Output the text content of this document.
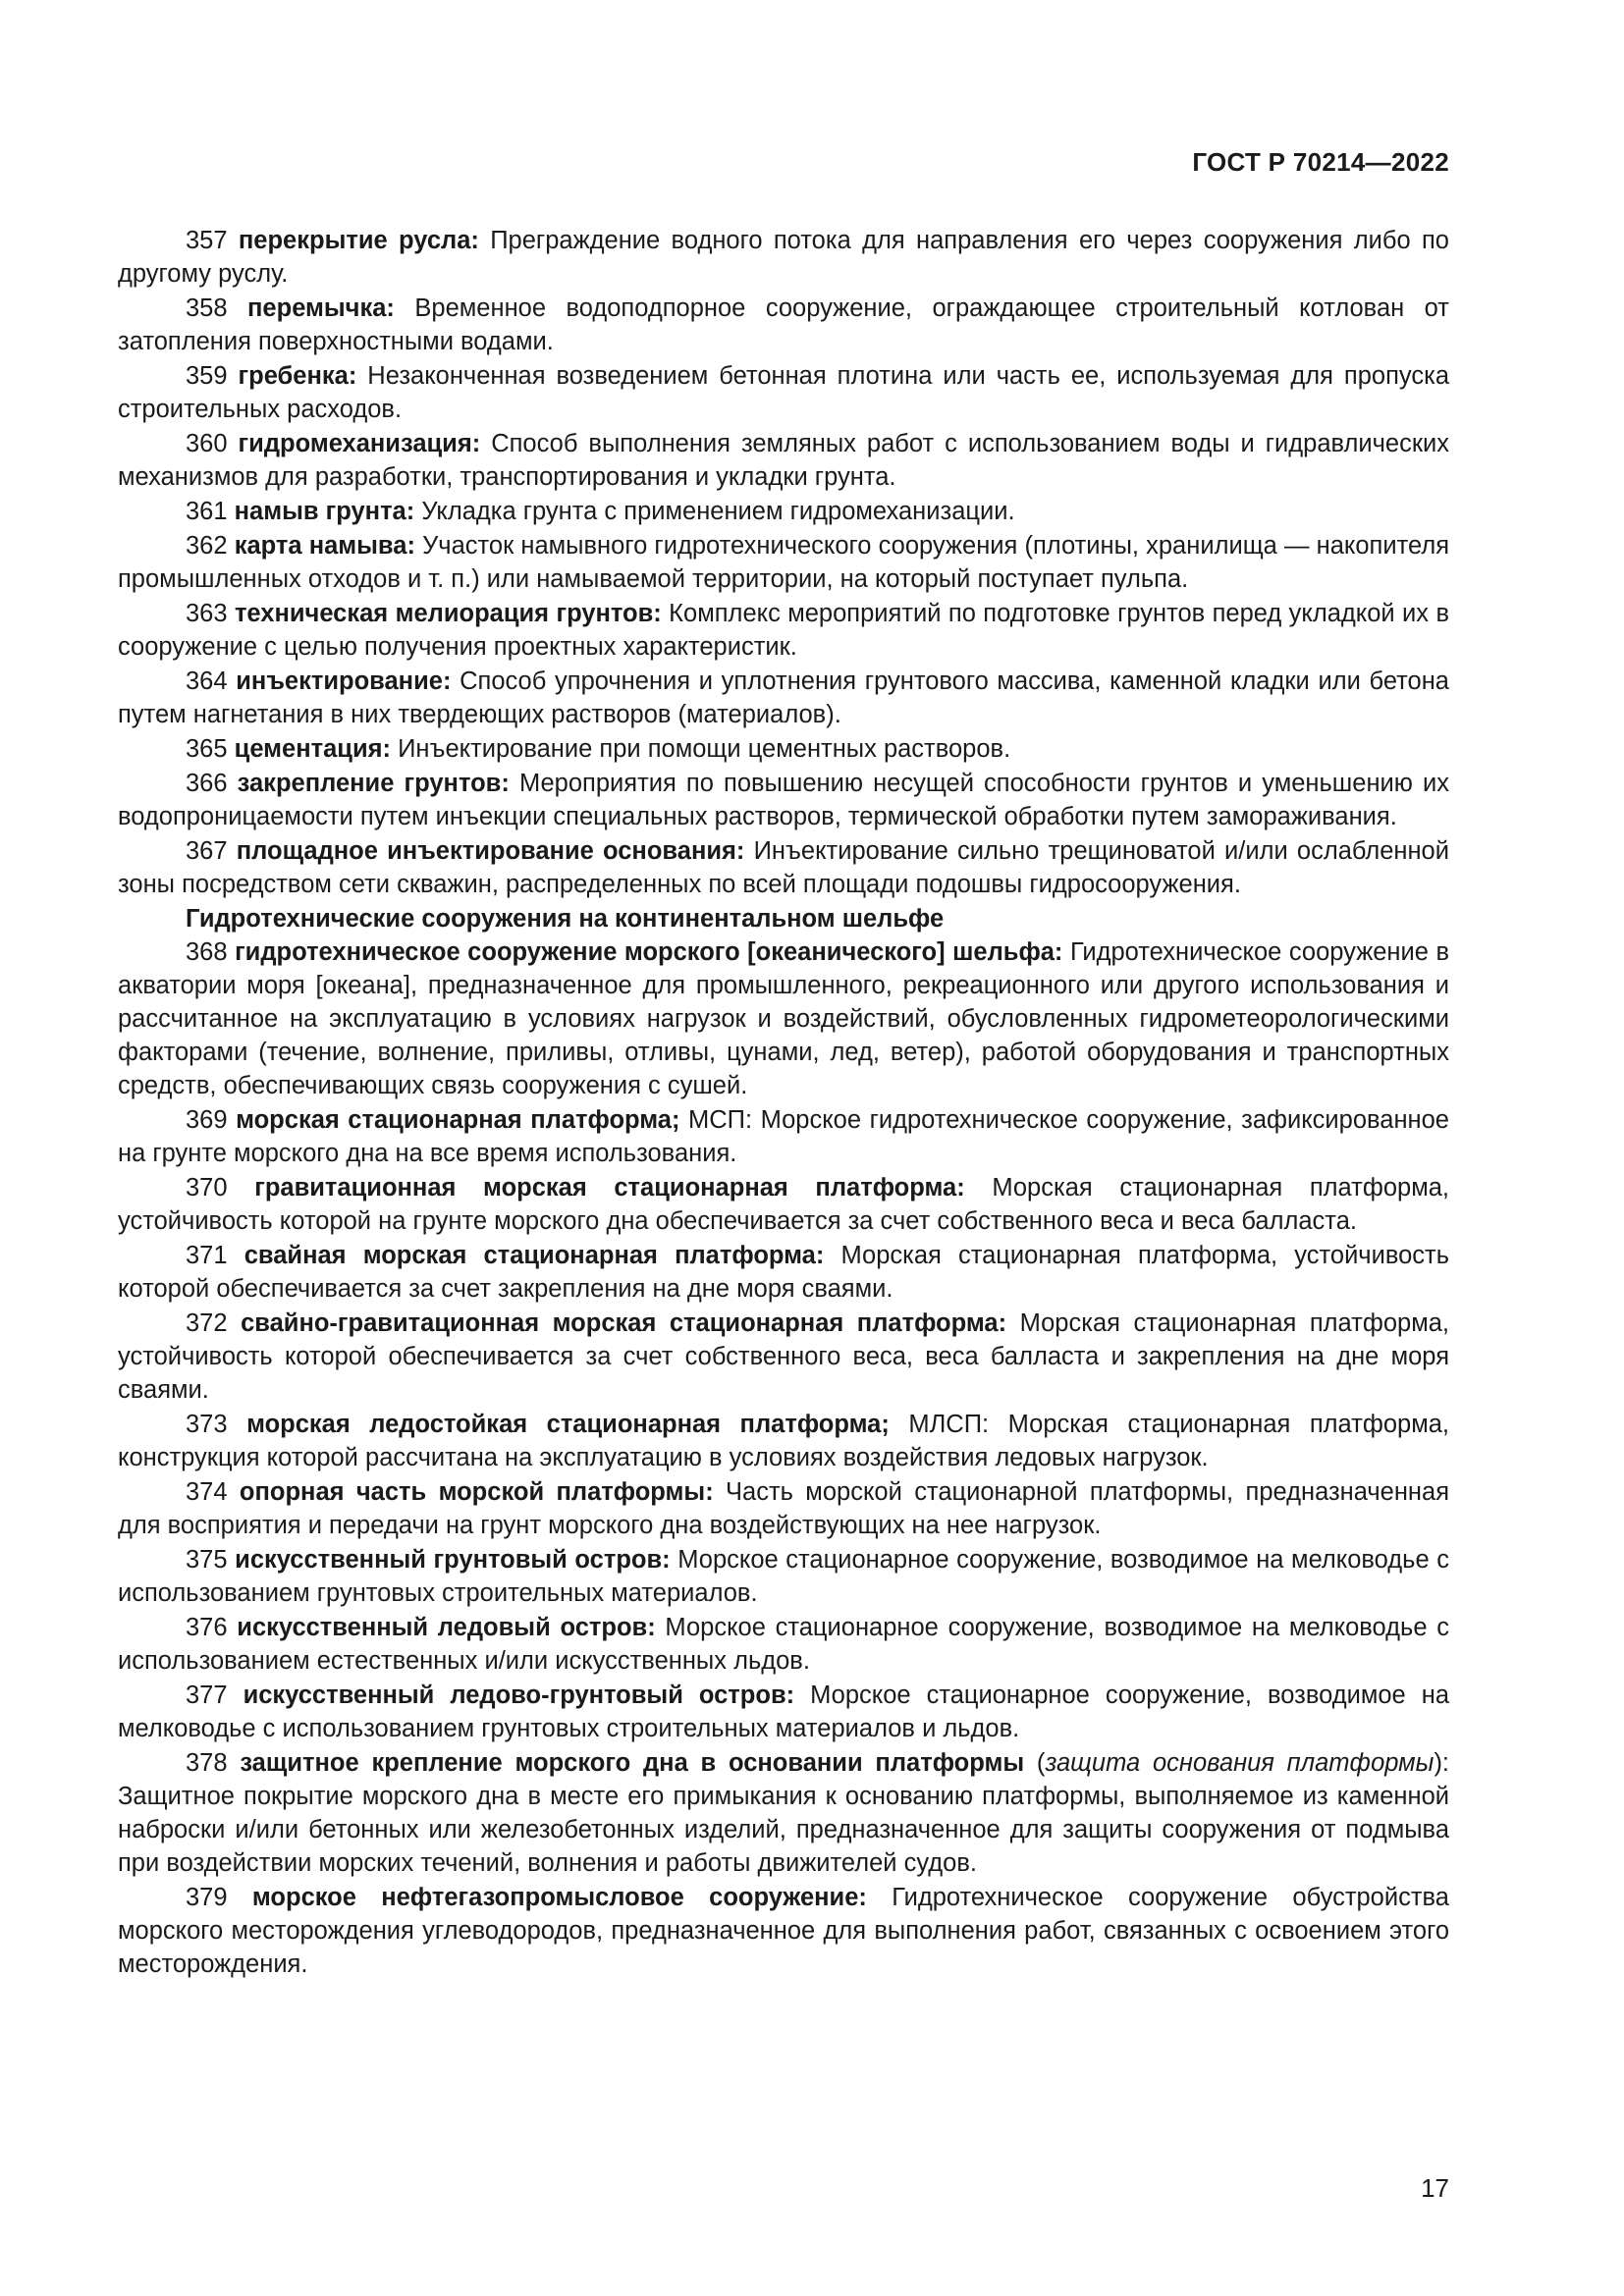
ГОСТ Р 70214—2022

357 перекрытие русла: Преграждение водного потока для направления его через сооружения либо по другому руслу.

358 перемычка: Временное водоподпорное сооружение, ограждающее строительный котлован от затопления поверхностными водами.

359 гребенка: Незаконченная возведением бетонная плотина или часть ее, используемая для пропуска строительных расходов.

360 гидромеханизация: Способ выполнения земляных работ с использованием воды и гидравлических механизмов для разработки, транспортирования и укладки грунта.

361 намыв грунта: Укладка грунта с применением гидромеханизации.

362 карта намыва: Участок намывного гидротехнического сооружения (плотины, хранилища — накопителя промышленных отходов и т. п.) или намываемой территории, на который поступает пульпа.

363 техническая мелиорация грунтов: Комплекс мероприятий по подготовке грунтов перед укладкой их в сооружение с целью получения проектных характеристик.

364 инъектирование: Способ упрочнения и уплотнения грунтового массива, каменной кладки или бетона путем нагнетания в них твердеющих растворов (материалов).

365 цементация: Инъектирование при помощи цементных растворов.

366 закрепление грунтов: Мероприятия по повышению несущей способности грунтов и уменьшению их водопроницаемости путем инъекции специальных растворов, термической обработки путем замораживания.

367 площадное инъектирование основания: Инъектирование сильно трещиноватой и/или ослабленной зоны посредством сети скважин, распределенных по всей площади подошвы гидросооружения.

Гидротехнические сооружения на континентальном шельфе

368 гидротехническое сооружение морского [океанического] шельфа: Гидротехническое сооружение в акватории моря [океана], предназначенное для промышленного, рекреационного или другого использования и рассчитанное на эксплуатацию в условиях нагрузок и воздействий, обусловленных гидрометеорологическими факторами (течение, волнение, приливы, отливы, цунами, лед, ветер), работой оборудования и транспортных средств, обеспечивающих связь сооружения с сушей.

369 морская стационарная платформа; МСП: Морское гидротехническое сооружение, зафиксированное на грунте морского дна на все время использования.

370 гравитационная морская стационарная платформа: Морская стационарная платформа, устойчивость которой на грунте морского дна обеспечивается за счет собственного веса и веса балласта.

371 свайная морская стационарная платформа: Морская стационарная платформа, устойчивость которой обеспечивается за счет закрепления на дне моря сваями.

372 свайно-гравитационная морская стационарная платформа: Морская стационарная платформа, устойчивость которой обеспечивается за счет собственного веса, веса балласта и закрепления на дне моря сваями.

373 морская ледостойкая стационарная платформа; МЛСП: Морская стационарная платформа, конструкция которой рассчитана на эксплуатацию в условиях воздействия ледовых нагрузок.

374 опорная часть морской платформы: Часть морской стационарной платформы, предназначенная для восприятия и передачи на грунт морского дна воздействующих на нее нагрузок.

375 искусственный грунтовый остров: Морское стационарное сооружение, возводимое на мелководье с использованием грунтовых строительных материалов.

376 искусственный ледовый остров: Морское стационарное сооружение, возводимое на мелководье с использованием естественных и/или искусственных льдов.

377 искусственный ледово-грунтовый остров: Морское стационарное сооружение, возводимое на мелководье с использованием грунтовых строительных материалов и льдов.

378 защитное крепление морского дна в основании платформы (защита основания платформы): Защитное покрытие морского дна в месте его примыкания к основанию платформы, выполняемое из каменной наброски и/или бетонных или железобетонных изделий, предназначенное для защиты сооружения от подмыва при воздействии морских течений, волнения и работы движителей судов.

379 морское нефтегазопромысловое сооружение: Гидротехническое сооружение обустройства морского месторождения углеводородов, предназначенное для выполнения работ, связанных с освоением этого месторождения.

17
